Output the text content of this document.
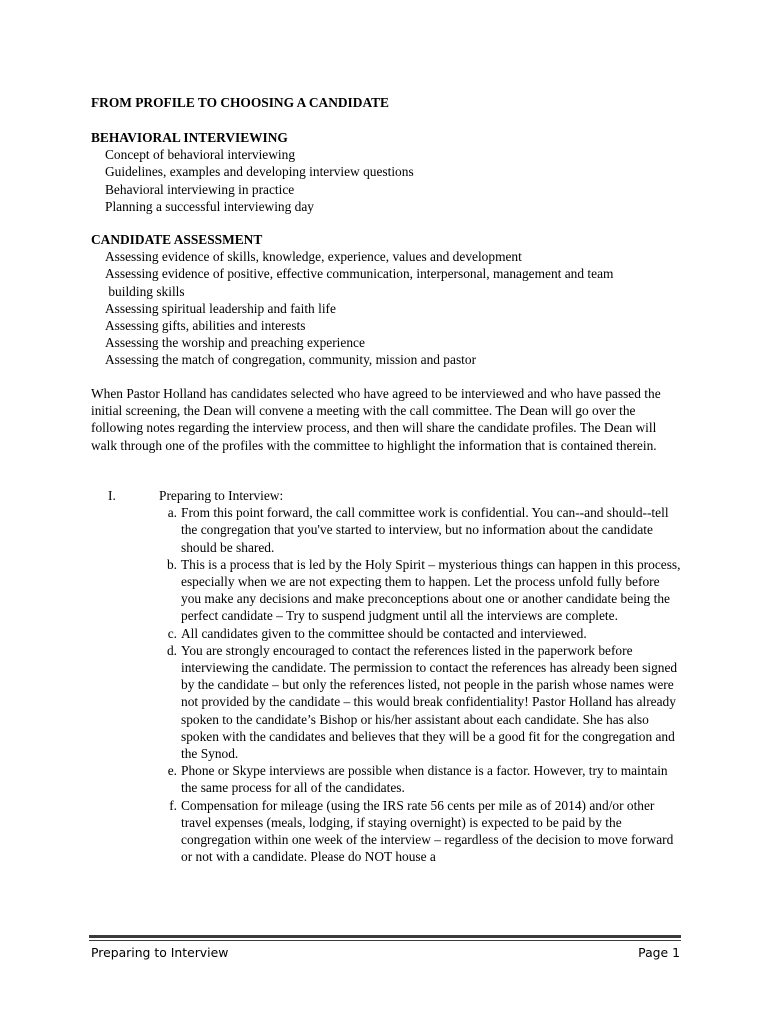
FROM PROFILE TO CHOOSING A CANDIDATE
BEHAVIORAL INTERVIEWING
Concept of behavioral interviewing
Guidelines, examples and developing interview questions
Behavioral interviewing in practice
Planning a successful interviewing day
CANDIDATE ASSESSMENT
Assessing evidence of skills, knowledge, experience, values and development
Assessing evidence of positive, effective communication, interpersonal, management and team
building skills
Assessing spiritual leadership and faith life
Assessing gifts, abilities and interests
Assessing the worship and preaching experience
Assessing the match of congregation, community, mission and pastor
When Pastor Holland has candidates selected who have agreed to be interviewed and who have passed the initial screening, the Dean will convene a meeting with the call committee. The Dean will go over the following notes regarding the interview process, and then will share the candidate profiles. The Dean will walk through one of the profiles with the committee to highlight the information that is contained therein.
I.	Preparing to Interview:
a. From this point forward, the call committee work is confidential. You can--and should--tell the congregation that you've started to interview, but no information about the candidate should be shared.
b. This is a process that is led by the Holy Spirit – mysterious things can happen in this process, especially when we are not expecting them to happen. Let the process unfold fully before you make any decisions and make preconceptions about one or another candidate being the perfect candidate – Try to suspend judgment until all the interviews are complete.
c. All candidates given to the committee should be contacted and interviewed.
d. You are strongly encouraged to contact the references listed in the paperwork before interviewing the candidate. The permission to contact the references has already been signed by the candidate – but only the references listed, not people in the parish whose names were not provided by the candidate – this would break confidentiality! Pastor Holland has already spoken to the candidate’s Bishop or his/her assistant about each candidate. She has also spoken with the candidates and believes that they will be a good fit for the congregation and the Synod.
e. Phone or Skype interviews are possible when distance is a factor. However, try to maintain the same process for all of the candidates.
f. Compensation for mileage (using the IRS rate 56 cents per mile as of 2014) and/or other travel expenses (meals, lodging, if staying overnight) is expected to be paid by the congregation within one week of the interview – regardless of the decision to move forward or not with a candidate. Please do NOT house a
Preparing to Interview	Page 1
